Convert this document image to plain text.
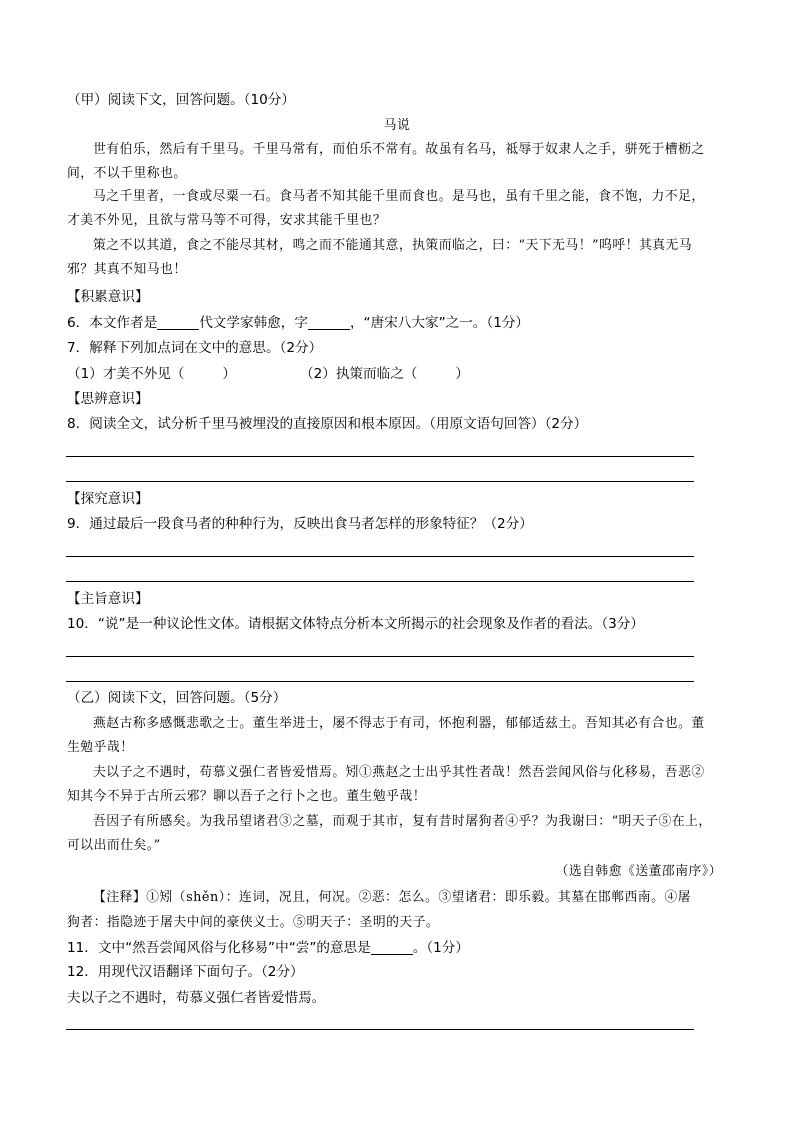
（甲）阅读下文，回答问题。（10分）
马说
世有伯乐，然后有千里马。千里马常有，而伯乐不常有。故虽有名马，祗辱于奴隶人之手，骈死于槽枥之
间，不以千里称也。
马之千里者，一食或尽粟一石。食马者不知其能千里而食也。是马也，虽有千里之能，食不饱，力不足，
才美不外见，且欲与常马等不可得，安求其能千里也？
策之不以其道，食之不能尽其材，鸣之而不能通其意，执策而临之，曰：“天下无马！”呜呼！其真无马
邪？其真不知马也！
【积累意识】
6．本文作者是	代文学家韩愈，字	，“唐宋八大家”之一。（1分）
7．解释下列加点词在文中的意思。（2分）
（1）才美不外见（	）	（2）执策而临之（	）
【思辨意识】
8．阅读全文，试分析千里马被埋没的直接原因和根本原因。（用原文语句回答）（2分）
【探究意识】
9．通过最后一段食马者的种种行为，反映出食马者怎样的形象特征？（2分）
【主旨意识】
10．“说”是一种议论性文体。请根据文体特点分析本文所揭示的社会现象及作者的看法。（3分）
（乙）阅读下文，回答问题。（5分）
燕赵古称多感慨悲歌之士。董生举进士，屡不得志于有司，怀抱利器，郁郁适兹土。吾知其必有合也。董
生勉乎哉！
夫以子之不遇时，苟慕义强仁者皆爱惜焉。矧①燕赵之士出乎其性者哉！然吾尝闻风俗与化移易，吾恶②
知其今不异于古所云邪？聊以吾子之行卜之也。董生勉乎哉！
吾因子有所感矣。为我吊望诸君③之墓，而观于其市，复有昔时屠狗者④乎？为我谢曰：“明天子⑤在上，
可以出而仕矣。”
（选自韩愈《送董邵南序》）
【注释】①矧（shěn）：连词，况且，何况。②恶：怎么。③望诸君：即乐毅。其墓在邯郸西南。④屠
狗者：指隐迹于屠夫中间的豪侠义士。⑤明天子：圣明的天子。
11．文中“然吾尝闻风俗与化移易”中“尝”的意思是	。（1分）
12．用现代汉语翻译下面句子。（2分）
夫以子之不遇时，苟慕义强仁者皆爱惜焉。
